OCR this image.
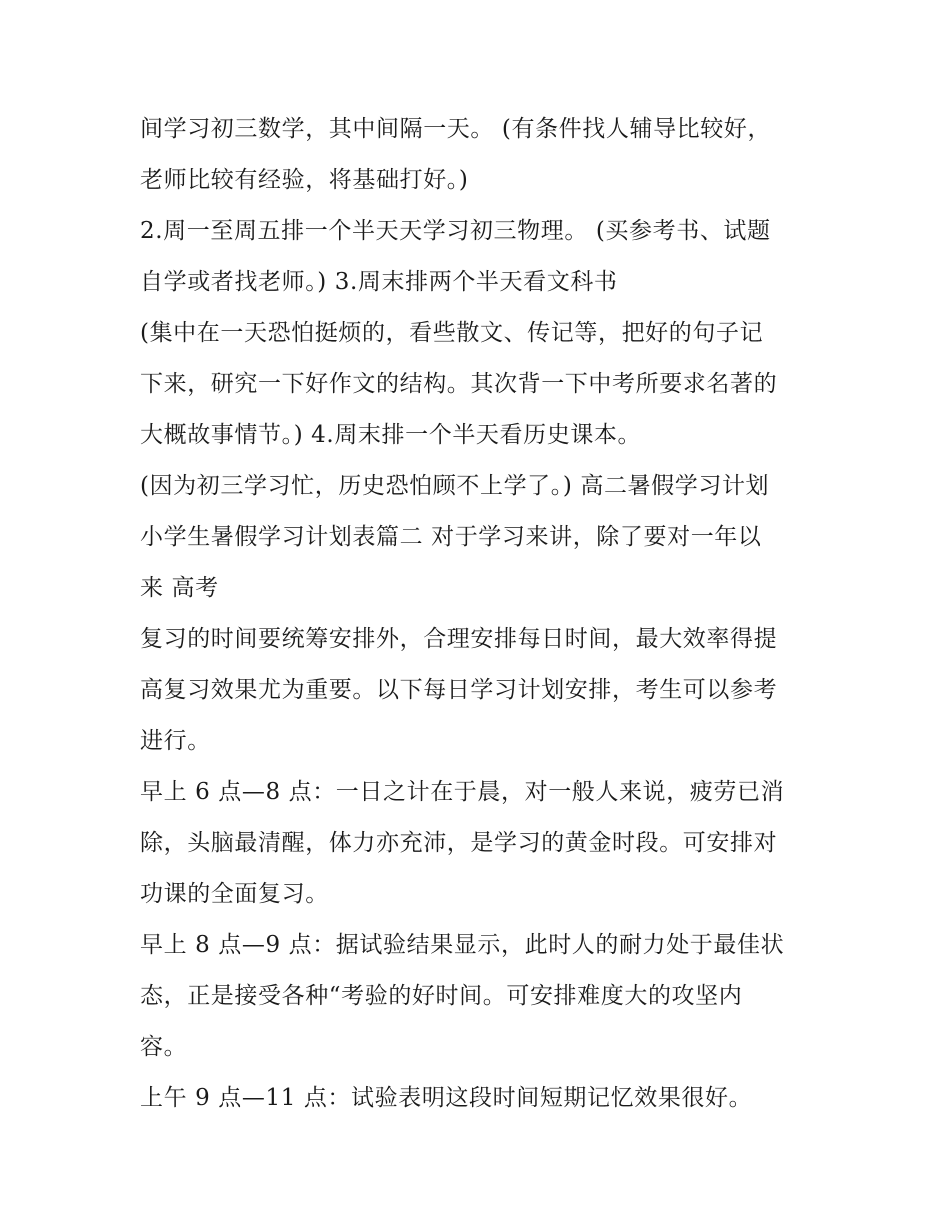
间学习初三数学，其中间隔一天。 (有条件找人辅导比较好，
老师比较有经验，将基础打好。)
2.周一至周五排一个半天天学习初三物理。 (买参考书、试题
自学或者找老师。) 3.周末排两个半天看文科书
(集中在一天恐怕挺烦的，看些散文、传记等，把好的句子记
下来，研究一下好作文的结构。其次背一下中考所要求名著的
大概故事情节。) 4.周末排一个半天看历史课本。
(因为初三学习忙，历史恐怕顾不上学了。) 高二暑假学习计划
小学生暑假学习计划表篇二 对于学习来讲，除了要对一年以
来 高考
复习的时间要统筹安排外，合理安排每日时间，最大效率得提
高复习效果尤为重要。以下每日学习计划安排，考生可以参考
进行。
早上 6 点—8 点：一日之计在于晨，对一般人来说，疲劳已消
除，头脑最清醒，体力亦充沛，是学习的黄金时段。可安排对
功课的全面复习。
早上 8 点—9 点：据试验结果显示，此时人的耐力处于最佳状
态，正是接受各种“考验的好时间。可安排难度大的攻坚内
容。
上午 9 点—11 点：试验表明这段时间短期记忆效果很好。
